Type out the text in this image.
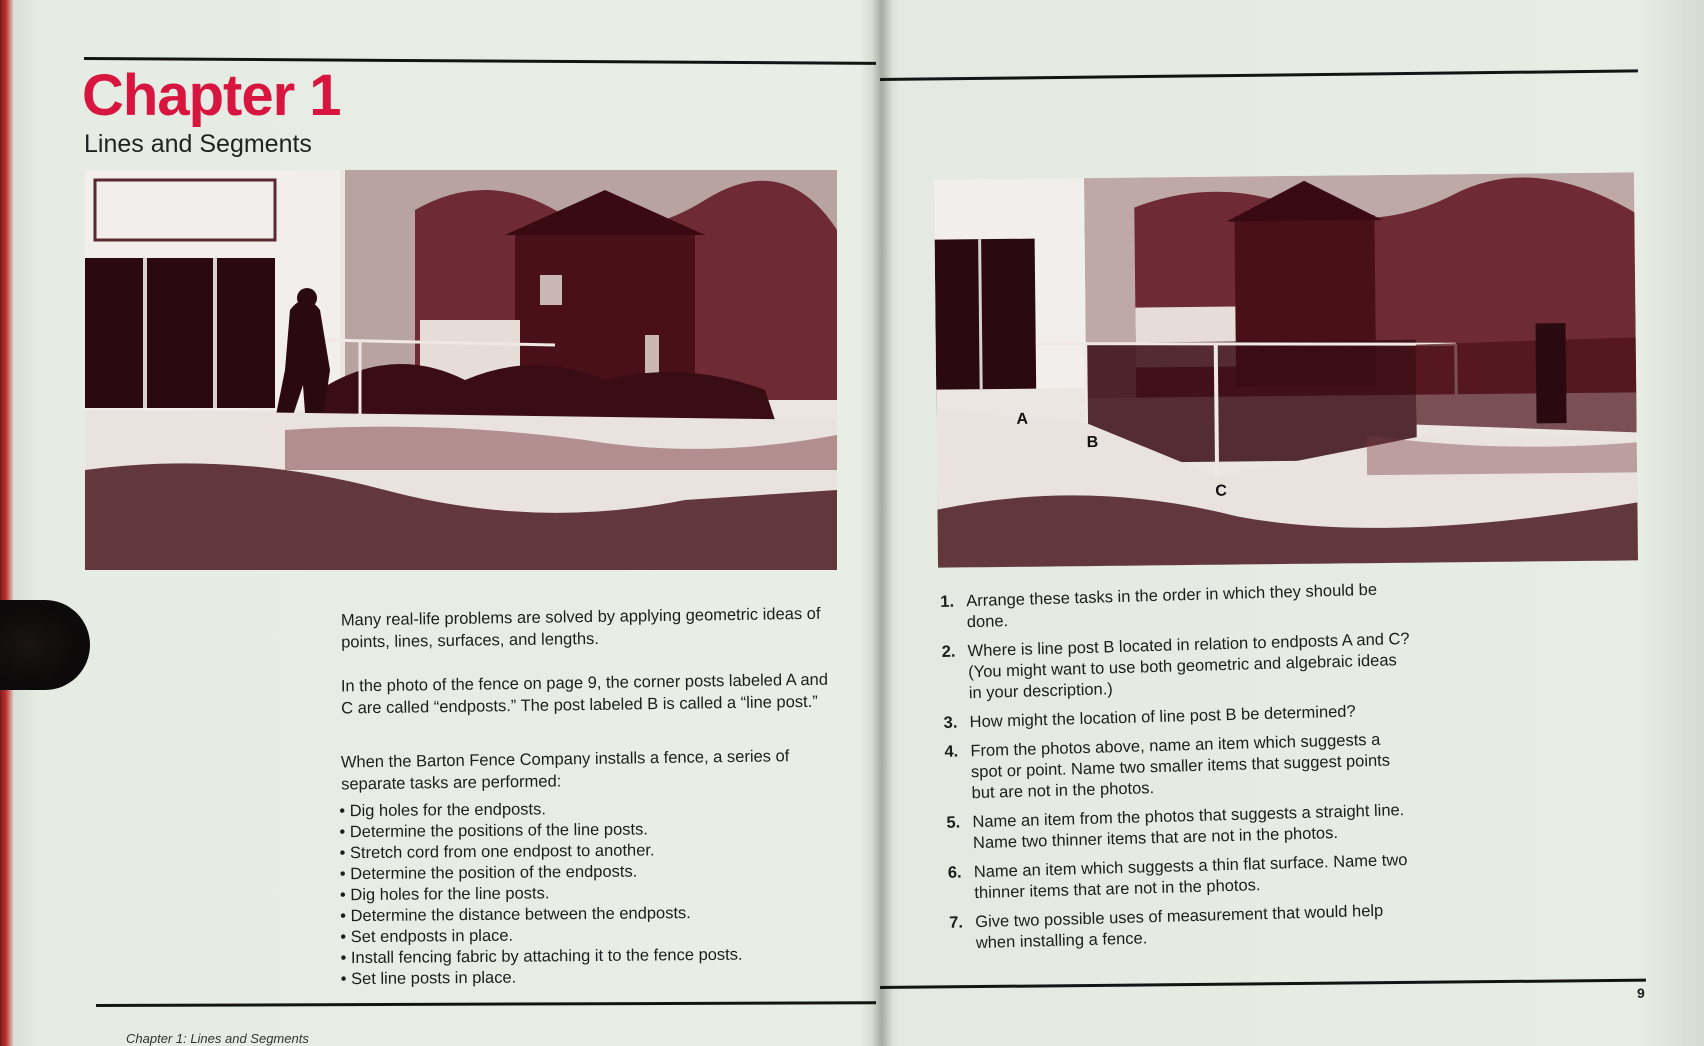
Chapter 1
Lines and Segments

Many real-life problems are solved by applying geometric ideas of points, lines, surfaces, and lengths.

In the photo of the fence on page 9, the corner posts labeled A and C are called “endposts.” The post labeled B is called a “line post.”

When the Barton Fence Company installs a fence, a series of separate tasks are performed:

• Dig holes for the endposts.
• Determine the positions of the line posts.
• Stretch cord from one endpost to another.
• Determine the position of the endposts.
• Dig holes for the line posts.
• Determine the distance between the endposts.
• Set endposts in place.
• Install fencing fabric by attaching it to the fence posts.
• Set line posts in place.
Chapter 1: Lines and Segments
A
B
C
1. Arrange these tasks in the order in which they should be done.
2. Where is line post B located in relation to endposts A and C? (You might want to use both geometric and algebraic ideas in your description.)
3. How might the location of line post B be determined?
4. From the photos above, name an item which suggests a spot or point. Name two smaller items that suggest points but are not in the photos.
5. Name an item from the photos that suggests a straight line. Name two thinner items that are not in the photos.
6. Name an item which suggests a thin flat surface. Name two thinner items that are not in the photos.
7. Give two possible uses of measurement that would help when installing a fence.
9
